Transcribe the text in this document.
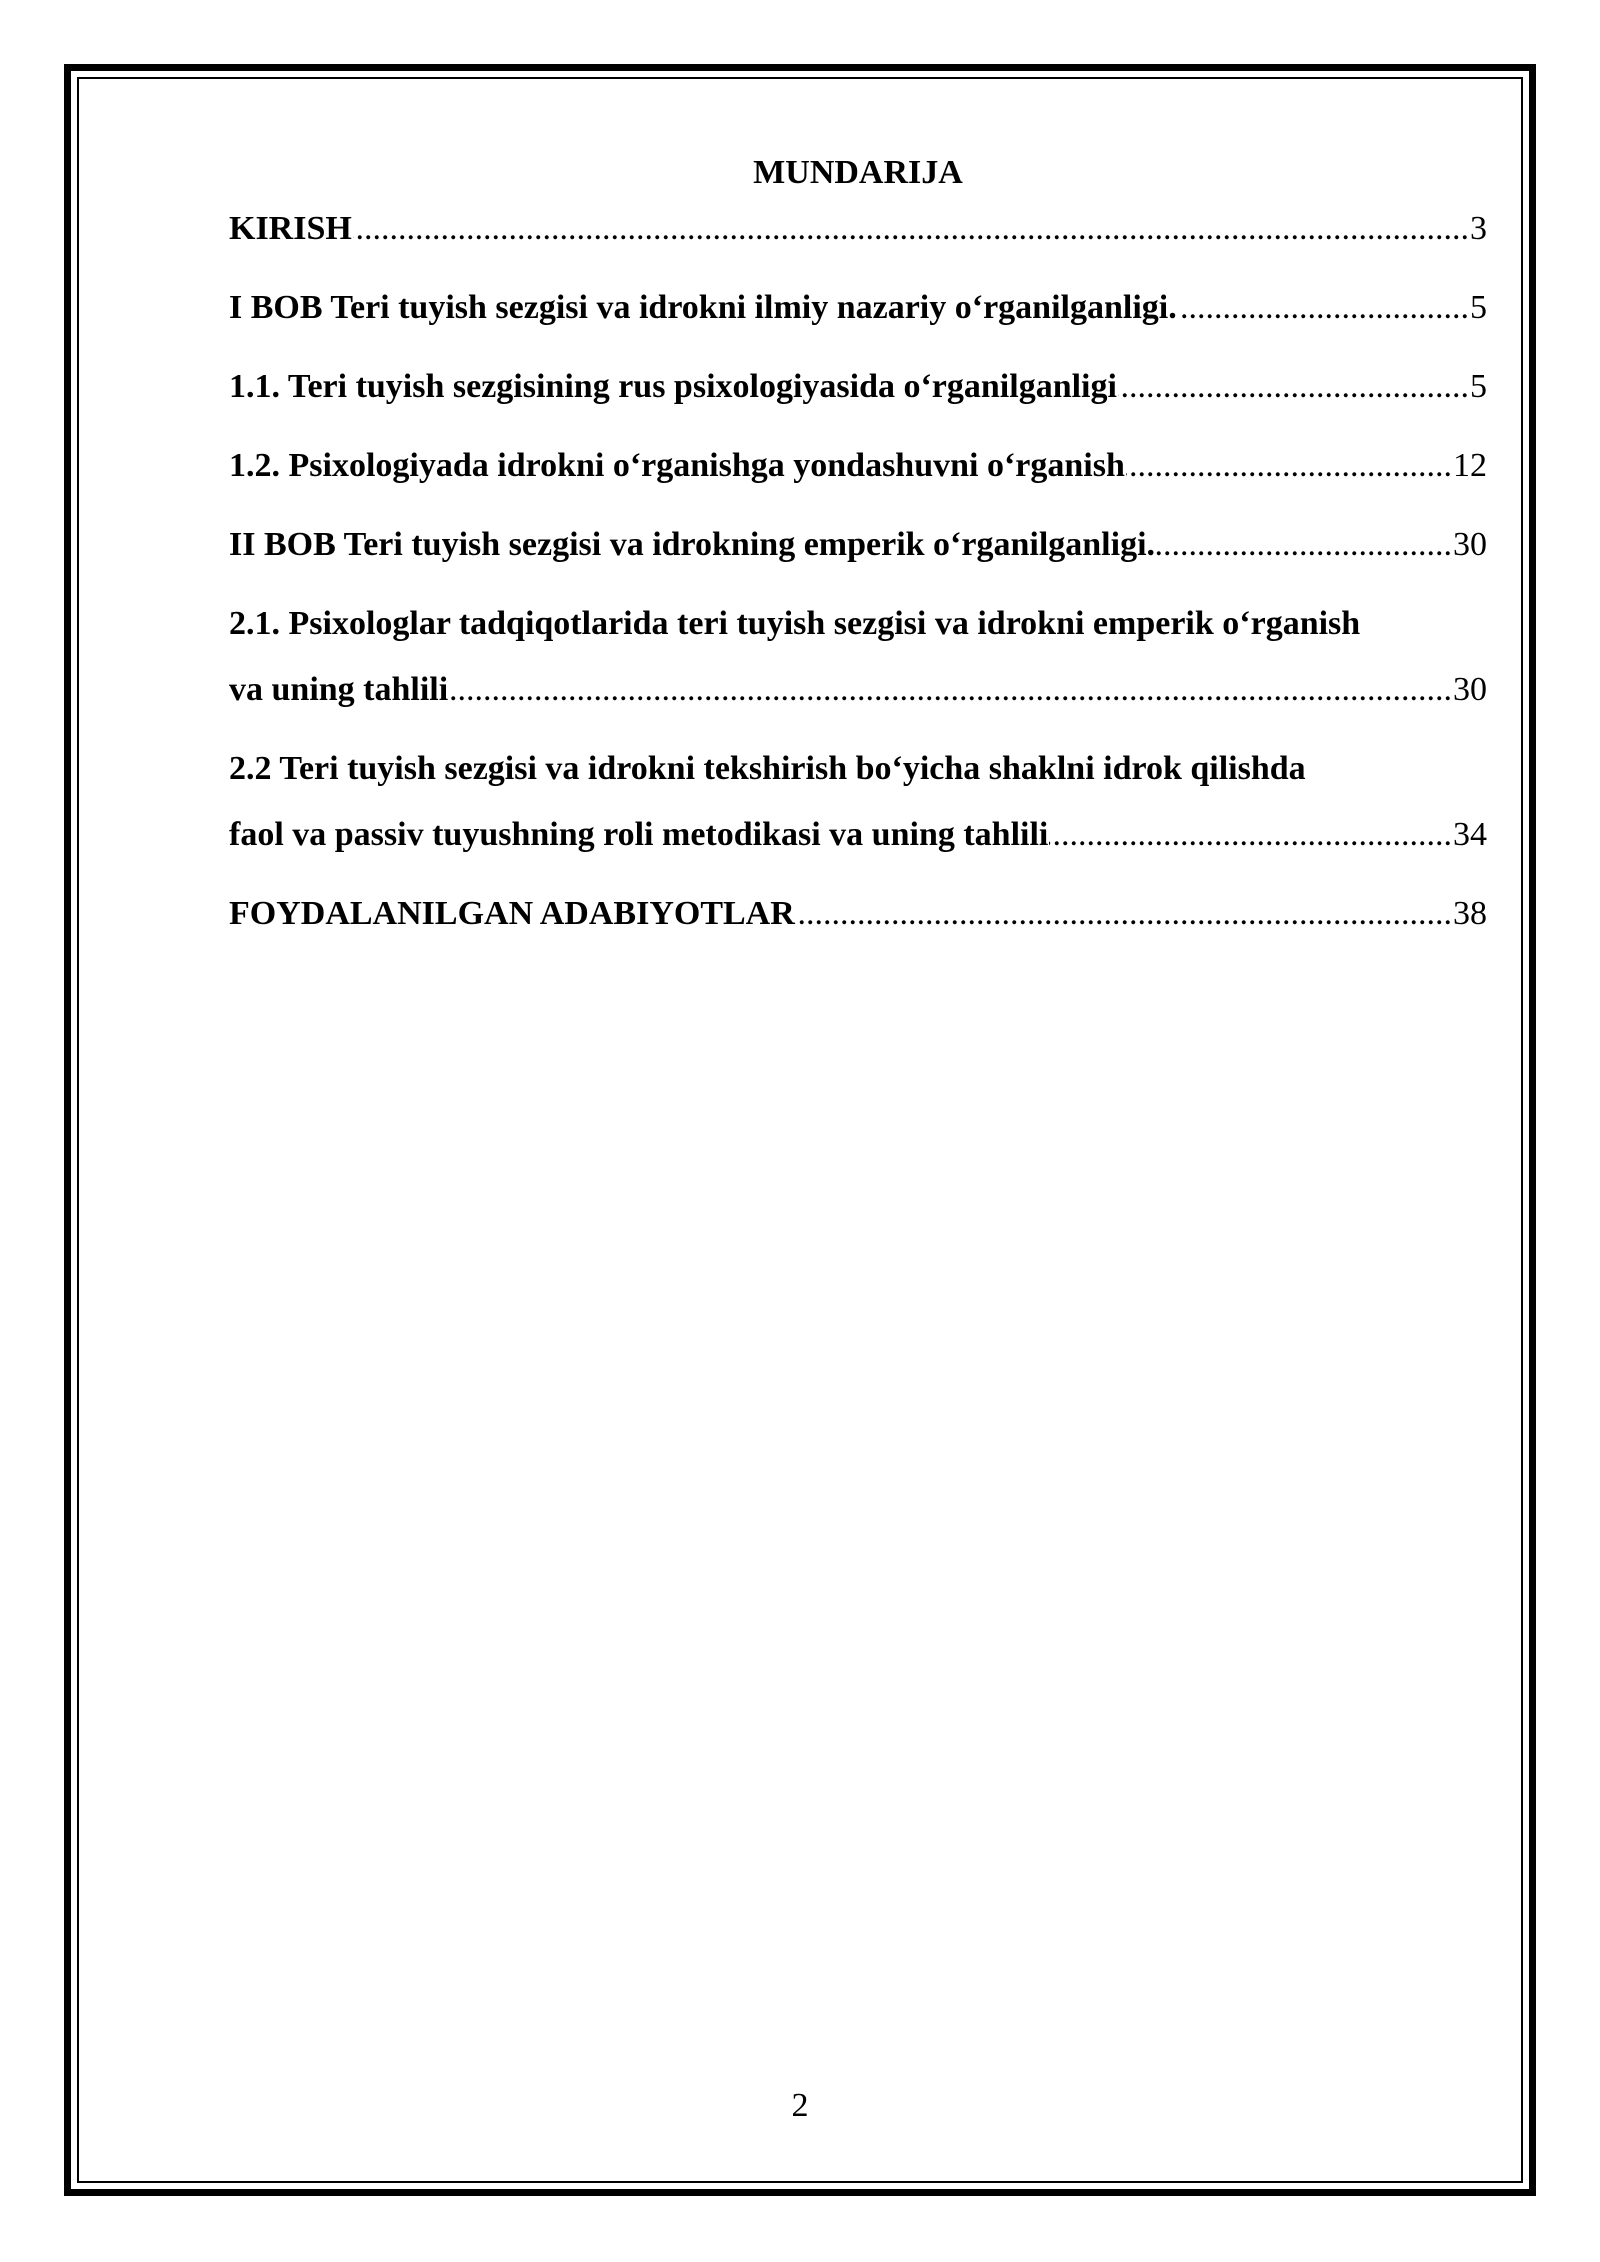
MUNDARIJA
KIRISH .....	3
I BOB Teri tuyish sezgisi va idrokni ilmiy nazariy oʻrganilganligi. .....	5
1.1. Teri tuyish sezgisining rus psixologiyasida oʻrganilganligi .....	5
1.2. Psixologiyada idrokni oʻrganishga yondashuvni oʻrganish .....	12
II BOB Teri tuyish sezgisi va idrokning emperik oʻrganilganligi. .....	30
2.1. Psixologlar tadqiqotlarida teri tuyish sezgisi va idrokni emperik oʻrganish
va uning tahlili .....	30
2.2 Teri tuyish sezgisi va idrokni tekshirish boʻyicha shaklni idrok qilishda
faol va passiv tuyushning roli metodikasi va uning tahlili .....	34
FOYDALANILGAN ADABIYOTLAR .....	38
2
